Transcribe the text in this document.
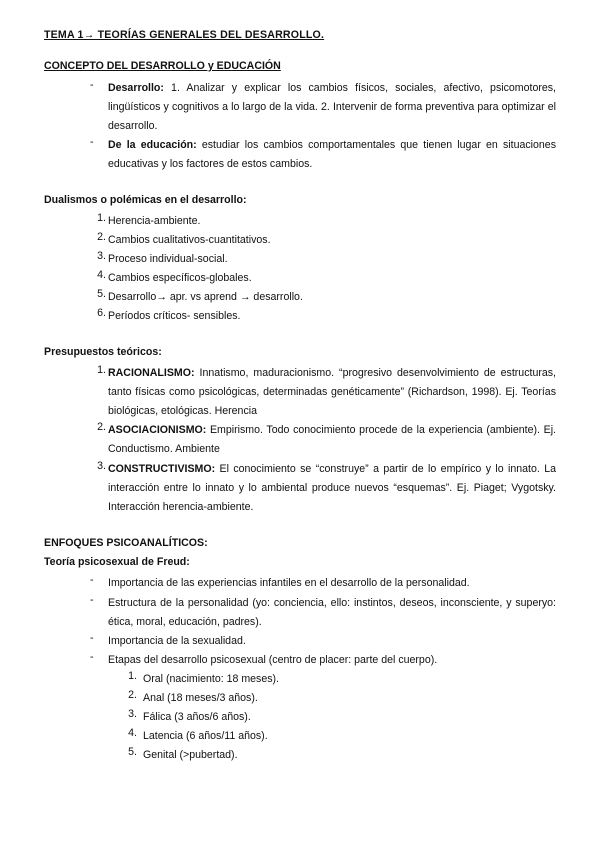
TEMA 1→ TEORÍAS GENERALES DEL DESARROLLO.
CONCEPTO DEL DESARROLLO y EDUCACIÓN
- Desarrollo: 1. Analizar y explicar los cambios físicos, sociales, afectivo, psicomotores, lingüísticos y cognitivos a lo largo de la vida. 2. Intervenir de forma preventiva para optimizar el desarrollo.
- De la educación: estudiar los cambios comportamentales que tienen lugar en situaciones educativas y los factores de estos cambios.
Dualismos o polémicas en el desarrollo:
1. Herencia-ambiente.
2. Cambios cualitativos-cuantitativos.
3. Proceso individual-social.
4. Cambios específicos-globales.
5. Desarrollo→ apr. vs aprend → desarrollo.
6. Períodos críticos- sensibles.
Presupuestos teóricos:
1. RACIONALISMO: Innatismo, maduracionismo. “progresivo desenvolvimiento de estructuras, tanto físicas como psicológicas, determinadas genéticamente” (Richardson, 1998). Ej. Teorías biológicas, etológicas. Herencia
2. ASOCIACIONISMO: Empirismo. Todo conocimiento procede de la experiencia (ambiente). Ej. Conductismo. Ambiente
3. CONSTRUCTIVISMO: El conocimiento se “construye” a partir de lo empírico y lo innato. La interacción entre lo innato y lo ambiental produce nuevos “esquemas”. Ej. Piaget; Vygotsky. Interacción herencia-ambiente.
ENFOQUES PSICOANALÍTICOS:
Teoría psicosexual de Freud:
- Importancia de las experiencias infantiles en el desarrollo de la personalidad.
- Estructura de la personalidad (yo: conciencia, ello: instintos, deseos, inconsciente, y superyo: ética, moral, educación, padres).
- Importancia de la sexualidad.
- Etapas del desarrollo psicosexual (centro de placer: parte del cuerpo).
1. Oral (nacimiento: 18 meses).
2. Anal (18 meses/3 años).
3. Fálica (3 años/6 años).
4. Latencia (6 años/11 años).
5. Genital (>pubertad).
